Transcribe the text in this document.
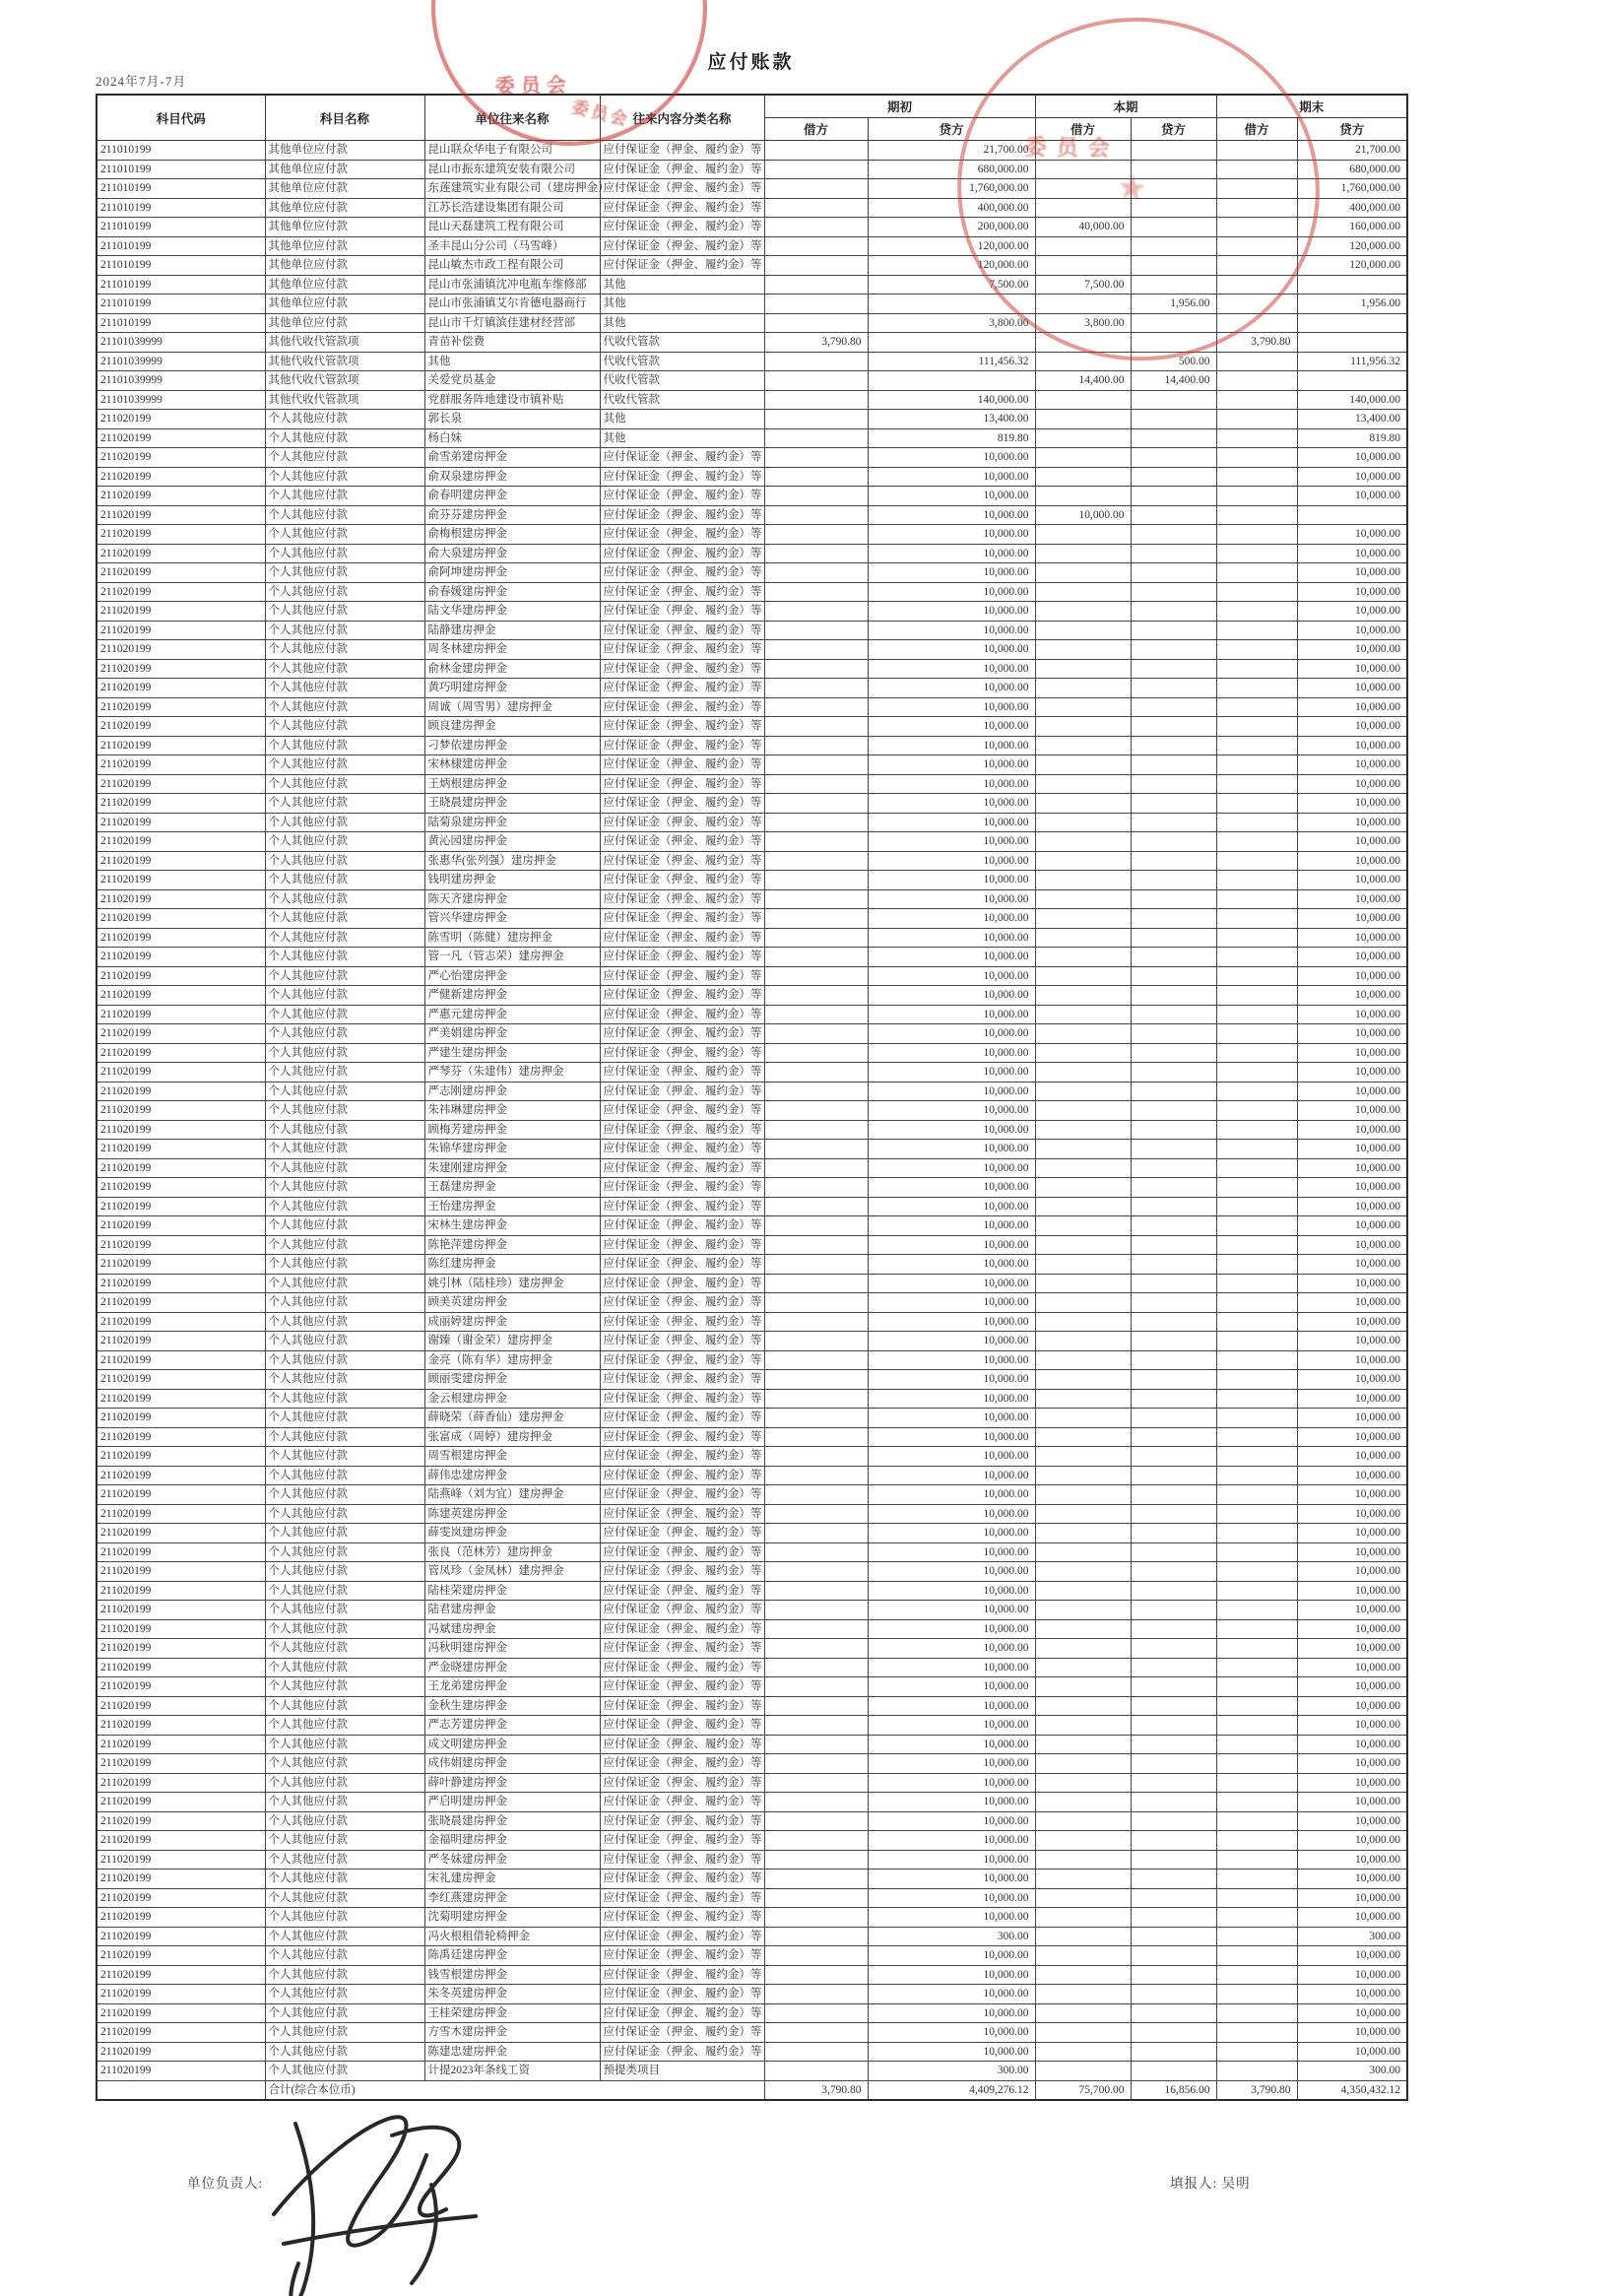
2024年7月-7月
应付账款
科目代码	科目名称	单位往来名称	往来内容分类名称	期初		本期		期末	
				借方	贷方	借方	贷方	借方	贷方
211010199	其他单位应付款	昆山联众华电子有限公司	应付保证金（押金、履约金）等		21,700.00				21,700.00
211010199	其他单位应付款	昆山市振东建筑安装有限公司	应付保证金（押金、履约金）等		680,000.00				680,000.00
211010199	其他单位应付款	东莲建筑实业有限公司（建房押金）	应付保证金（押金、履约金）等		1,760,000.00				1,760,000.00
211010199	其他单位应付款	江苏长浩建设集团有限公司	应付保证金（押金、履约金）等		400,000.00				400,000.00
211010199	其他单位应付款	昆山天磊建筑工程有限公司	应付保证金（押金、履约金）等		200,000.00	40,000.00			160,000.00
211010199	其他单位应付款	圣丰昆山分公司（马雪峰）	应付保证金（押金、履约金）等		120,000.00				120,000.00
211010199	其他单位应付款	昆山敏杰市政工程有限公司	应付保证金（押金、履约金）等		120,000.00				120,000.00
211010199	其他单位应付款	昆山市张浦镇沈冲电瓶车维修部	其他		7,500.00	7,500.00			
211010199	其他单位应付款	昆山市张浦镇艾尔肯德电器商行	其他				1,956.00		1,956.00
211010199	其他单位应付款	昆山市千灯镇滨佳建材经营部	其他		3,800.00	3,800.00			
21101039999	其他代收代管款项	青苗补偿费	代收代管款	3,790.80				3,790.80	
21101039999	其他代收代管款项	其他	代收代管款		111,456.32		500.00		111,956.32
21101039999	其他代收代管款项	关爱党员基金	代收代管款			14,400.00	14,400.00		
21101039999	其他代收代管款项	党群服务阵地建设市镇补贴	代收代管款		140,000.00				140,000.00
211020199	个人其他应付款	郭长泉	其他		13,400.00				13,400.00
211020199	个人其他应付款	杨白妹	其他		819.80				819.80
211020199	个人其他应付款	俞雪弟建房押金	应付保证金（押金、履约金）等		10,000.00				10,000.00
211020199	个人其他应付款	俞双泉建房押金	应付保证金（押金、履约金）等		10,000.00				10,000.00
211020199	个人其他应付款	俞春明建房押金	应付保证金（押金、履约金）等		10,000.00				10,000.00
211020199	个人其他应付款	俞芬芬建房押金	应付保证金（押金、履约金）等		10,000.00	10,000.00			
211020199	个人其他应付款	俞梅根建房押金	应付保证金（押金、履约金）等		10,000.00				10,000.00
211020199	个人其他应付款	俞大泉建房押金	应付保证金（押金、履约金）等		10,000.00				10,000.00
211020199	个人其他应付款	俞阿坤建房押金	应付保证金（押金、履约金）等		10,000.00				10,000.00
211020199	个人其他应付款	俞春媛建房押金	应付保证金（押金、履约金）等		10,000.00				10,000.00
211020199	个人其他应付款	陆文华建房押金	应付保证金（押金、履约金）等		10,000.00				10,000.00
211020199	个人其他应付款	陆静建房押金	应付保证金（押金、履约金）等		10,000.00				10,000.00
211020199	个人其他应付款	周冬林建房押金	应付保证金（押金、履约金）等		10,000.00				10,000.00
211020199	个人其他应付款	俞林金建房押金	应付保证金（押金、履约金）等		10,000.00				10,000.00
211020199	个人其他应付款	黄巧明建房押金	应付保证金（押金、履约金）等		10,000.00				10,000.00
211020199	个人其他应付款	周诚（周雪男）建房押金	应付保证金（押金、履约金）等		10,000.00				10,000.00
211020199	个人其他应付款	顾良建房押金	应付保证金（押金、履约金）等		10,000.00				10,000.00
211020199	个人其他应付款	刁梦依建房押金	应付保证金（押金、履约金）等		10,000.00				10,000.00
211020199	个人其他应付款	宋林棣建房押金	应付保证金（押金、履约金）等		10,000.00				10,000.00
211020199	个人其他应付款	王炳根建房押金	应付保证金（押金、履约金）等		10,000.00				10,000.00
211020199	个人其他应付款	王晓晨建房押金	应付保证金（押金、履约金）等		10,000.00				10,000.00
211020199	个人其他应付款	陆菊泉建房押金	应付保证金（押金、履约金）等		10,000.00				10,000.00
211020199	个人其他应付款	黄沁园建房押金	应付保证金（押金、履约金）等		10,000.00				10,000.00
211020199	个人其他应付款	张惠华(张列强）建房押金	应付保证金（押金、履约金）等		10,000.00				10,000.00
211020199	个人其他应付款	钱明建房押金	应付保证金（押金、履约金）等		10,000.00				10,000.00
211020199	个人其他应付款	陈天齐建房押金	应付保证金（押金、履约金）等		10,000.00				10,000.00
211020199	个人其他应付款	管兴华建房押金	应付保证金（押金、履约金）等		10,000.00				10,000.00
211020199	个人其他应付款	陈雪明（陈健）建房押金	应付保证金（押金、履约金）等		10,000.00				10,000.00
211020199	个人其他应付款	管一凡（管志荣）建房押金	应付保证金（押金、履约金）等		10,000.00				10,000.00
211020199	个人其他应付款	严心怡建房押金	应付保证金（押金、履约金）等		10,000.00				10,000.00
211020199	个人其他应付款	严健新建房押金	应付保证金（押金、履约金）等		10,000.00				10,000.00
211020199	个人其他应付款	严惠元建房押金	应付保证金（押金、履约金）等		10,000.00				10,000.00
211020199	个人其他应付款	严美娟建房押金	应付保证金（押金、履约金）等		10,000.00				10,000.00
211020199	个人其他应付款	严建生建房押金	应付保证金（押金、履约金）等		10,000.00				10,000.00
211020199	个人其他应付款	严琴芬（朱建伟）建房押金	应付保证金（押金、履约金）等		10,000.00				10,000.00
211020199	个人其他应付款	严志刚建房押金	应付保证金（押金、履约金）等		10,000.00				10,000.00
211020199	个人其他应付款	朱祎琳建房押金	应付保证金（押金、履约金）等		10,000.00				10,000.00
211020199	个人其他应付款	顾梅芳建房押金	应付保证金（押金、履约金）等		10,000.00				10,000.00
211020199	个人其他应付款	朱锦华建房押金	应付保证金（押金、履约金）等		10,000.00				10,000.00
211020199	个人其他应付款	朱建刚建房押金	应付保证金（押金、履约金）等		10,000.00				10,000.00
211020199	个人其他应付款	王磊建房押金	应付保证金（押金、履约金）等		10,000.00				10,000.00
211020199	个人其他应付款	王怡建房押金	应付保证金（押金、履约金）等		10,000.00				10,000.00
211020199	个人其他应付款	宋林生建房押金	应付保证金（押金、履约金）等		10,000.00				10,000.00
211020199	个人其他应付款	陈艳萍建房押金	应付保证金（押金、履约金）等		10,000.00				10,000.00
211020199	个人其他应付款	陈红建房押金	应付保证金（押金、履约金）等		10,000.00				10,000.00
211020199	个人其他应付款	姚引林（陆桂珍）建房押金	应付保证金（押金、履约金）等		10,000.00				10,000.00
211020199	个人其他应付款	顾美英建房押金	应付保证金（押金、履约金）等		10,000.00				10,000.00
211020199	个人其他应付款	成丽婷建房押金	应付保证金（押金、履约金）等		10,000.00				10,000.00
211020199	个人其他应付款	谢臻（谢金荣）建房押金	应付保证金（押金、履约金）等		10,000.00				10,000.00
211020199	个人其他应付款	金亮（陈有华）建房押金	应付保证金（押金、履约金）等		10,000.00				10,000.00
211020199	个人其他应付款	顾丽雯建房押金	应付保证金（押金、履约金）等		10,000.00				10,000.00
211020199	个人其他应付款	金云根建房押金	应付保证金（押金、履约金）等		10,000.00				10,000.00
211020199	个人其他应付款	薛晓荣（薛香仙）建房押金	应付保证金（押金、履约金）等		10,000.00				10,000.00
211020199	个人其他应付款	张富成（周婷）建房押金	应付保证金（押金、履约金）等		10,000.00				10,000.00
211020199	个人其他应付款	周雪根建房押金	应付保证金（押金、履约金）等		10,000.00				10,000.00
211020199	个人其他应付款	薛伟忠建房押金	应付保证金（押金、履约金）等		10,000.00				10,000.00
211020199	个人其他应付款	陆燕峰（刘为宜）建房押金	应付保证金（押金、履约金）等		10,000.00				10,000.00
211020199	个人其他应付款	陈建英建房押金	应付保证金（押金、履约金）等		10,000.00				10,000.00
211020199	个人其他应付款	薛雯岚建房押金	应付保证金（押金、履约金）等		10,000.00				10,000.00
211020199	个人其他应付款	张良（范林芳）建房押金	应付保证金（押金、履约金）等		10,000.00				10,000.00
211020199	个人其他应付款	管凤珍（金凤林）建房押金	应付保证金（押金、履约金）等		10,000.00				10,000.00
211020199	个人其他应付款	陆桂荣建房押金	应付保证金（押金、履约金）等		10,000.00				10,000.00
211020199	个人其他应付款	陆君建房押金	应付保证金（押金、履约金）等		10,000.00				10,000.00
211020199	个人其他应付款	冯斌建房押金	应付保证金（押金、履约金）等		10,000.00				10,000.00
211020199	个人其他应付款	冯秋明建房押金	应付保证金（押金、履约金）等		10,000.00				10,000.00
211020199	个人其他应付款	严金晓建房押金	应付保证金（押金、履约金）等		10,000.00				10,000.00
211020199	个人其他应付款	王龙弟建房押金	应付保证金（押金、履约金）等		10,000.00				10,000.00
211020199	个人其他应付款	金秋生建房押金	应付保证金（押金、履约金）等		10,000.00				10,000.00
211020199	个人其他应付款	严志芳建房押金	应付保证金（押金、履约金）等		10,000.00				10,000.00
211020199	个人其他应付款	成文明建房押金	应付保证金（押金、履约金）等		10,000.00				10,000.00
211020199	个人其他应付款	成伟娟建房押金	应付保证金（押金、履约金）等		10,000.00				10,000.00
211020199	个人其他应付款	薛叶静建房押金	应付保证金（押金、履约金）等		10,000.00				10,000.00
211020199	个人其他应付款	严启明建房押金	应付保证金（押金、履约金）等		10,000.00				10,000.00
211020199	个人其他应付款	张晓晨建房押金	应付保证金（押金、履约金）等		10,000.00				10,000.00
211020199	个人其他应付款	金福明建房押金	应付保证金（押金、履约金）等		10,000.00				10,000.00
211020199	个人其他应付款	严冬妹建房押金	应付保证金（押金、履约金）等		10,000.00				10,000.00
211020199	个人其他应付款	宋礼建房押金	应付保证金（押金、履约金）等		10,000.00				10,000.00
211020199	个人其他应付款	李红燕建房押金	应付保证金（押金、履约金）等		10,000.00				10,000.00
211020199	个人其他应付款	沈菊明建房押金	应付保证金（押金、履约金）等		10,000.00				10,000.00
211020199	个人其他应付款	冯火根租借轮椅押金	应付保证金（押金、履约金）等		300.00				300.00
211020199	个人其他应付款	陈禹廷建房押金	应付保证金（押金、履约金）等		10,000.00				10,000.00
211020199	个人其他应付款	钱雪根建房押金	应付保证金（押金、履约金）等		10,000.00				10,000.00
211020199	个人其他应付款	朱冬英建房押金	应付保证金（押金、履约金）等		10,000.00				10,000.00
211020199	个人其他应付款	王桂荣建房押金	应付保证金（押金、履约金）等		10,000.00				10,000.00
211020199	个人其他应付款	方雪木建房押金	应付保证金（押金、履约金）等		10,000.00				10,000.00
211020199	个人其他应付款	陈建忠建房押金	应付保证金（押金、履约金）等		10,000.00				10,000.00
211020199	个人其他应付款	计提2023年条线工资	预提类项目		300.00				300.00
	合计(综合本位币)			3,790.80	4,409,276.12	75,700.00	16,856.00	3,790.80	4,350,432.12
委员会
委员会
★
委员会
单位负责人:	填报人: 吴明
